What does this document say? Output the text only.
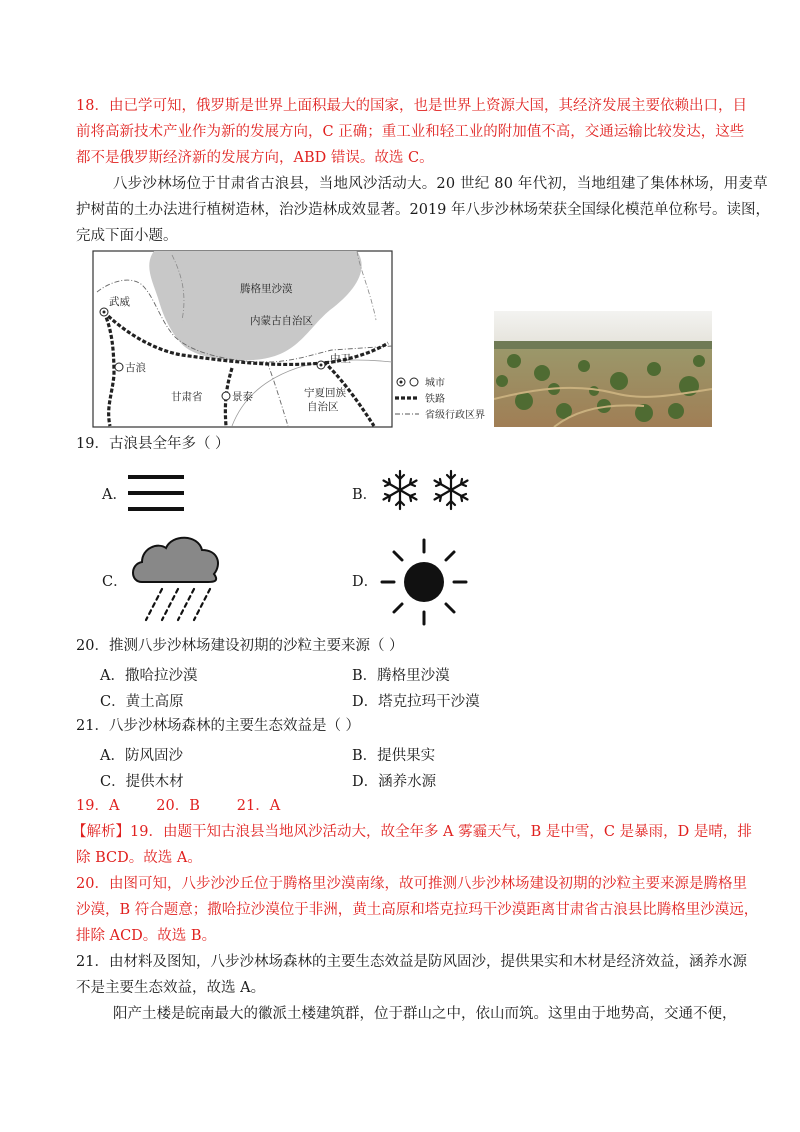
18．由已学可知，俄罗斯是世界上面积最大的国家，也是世界上资源大国，其经济发展主要依赖出口，目
前将高新技术产业作为新的发展方向，C 正确；重工业和轻工业的附加值不高，交通运输比较发达，这些
都不是俄罗斯经济新的发展方向，ABD 错误。故选 C。
八步沙林场位于甘肃省古浪县，当地风沙活动大。20 世纪 80 年代初，当地组建了集体林场，用麦草
护树苗的土办法进行植树造林，治沙造林成效显著。2019 年八步沙林场荣获全国绿化模范单位称号。读图，
完成下面小题。
腾格里沙漠
内蒙古自治区
武威
古浪
中卫
甘肃省	景泰	宁夏回族
自治区
城市
铁路
省级行政区界
19．古浪县全年多（ ）
A．	B．
C．	D．
20．推测八步沙林场建设初期的沙粒主要来源（ ）
A．撒哈拉沙漠	B．腾格里沙漠
C．黄土高原	D．塔克拉玛干沙漠
21．八步沙林场森林的主要生态效益是（ ）
A．防风固沙	B．提供果实
C．提供木材	D．涵养水源
19．A        20．B        21．A
【解析】19．由题干知古浪县当地风沙活动大，故全年多 A 雾霾天气，B 是中雪，C 是暴雨，D 是晴，排
除 BCD。故选 A。
20．由图可知，八步沙沙丘位于腾格里沙漠南缘，故可推测八步沙林场建设初期的沙粒主要来源是腾格里
沙漠，B 符合题意；撒哈拉沙漠位于非洲，黄土高原和塔克拉玛干沙漠距离甘肃省古浪县比腾格里沙漠远，
排除 ACD。故选 B。
21．由材料及图知，八步沙林场森林的主要生态效益是防风固沙，提供果实和木材是经济效益，涵养水源
不是主要生态效益，故选 A。
阳产土楼是皖南最大的徽派土楼建筑群，位于群山之中，依山而筑。这里由于地势高，交通不便，
